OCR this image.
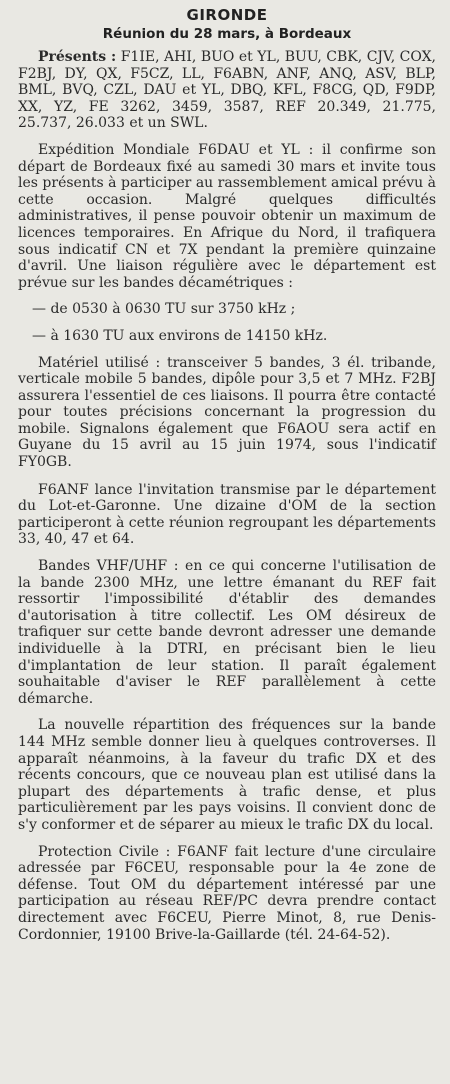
GIRONDE
Réunion du 28 mars, à Bordeaux

Présents : F1IE, AHI, BUO et YL, BUU, CBK, CJV, COX, F2BJ, DY, QX, F5CZ, LL, F6ABN, ANF, ANQ, ASV, BLP, BML, BVQ, CZL, DAU et YL, DBQ, KFL, F8CG, QD, F9DP, XX, YZ, FE 3262, 3459, 3587, REF 20.349, 21.775, 25.737, 26.033 et un SWL.

Expédition Mondiale F6DAU et YL : il confirme son départ de Bordeaux fixé au samedi 30 mars et invite tous les présents à participer au rassemblement amical prévu à cette occasion. Malgré quelques difficultés administratives, il pense pouvoir obtenir un maximum de licences temporaires. En Afrique du Nord, il trafiquera sous indicatif CN et 7X pendant la première quinzaine d'avril. Une liaison régulière avec le département est prévue sur les bandes décamétriques :

— de 0530 à 0630 TU sur 3750 kHz ;
— à 1630 TU aux environs de 14150 kHz.

Matériel utilisé : transceiver 5 bandes, 3 él. tribande, verticale mobile 5 bandes, dipôle pour 3,5 et 7 MHz. F2BJ assurera l'essentiel de ces liaisons. Il pourra être contacté pour toutes précisions concernant la progression du mobile. Signalons également que F6AOU sera actif en Guyane du 15 avril au 15 juin 1974, sous l'indicatif FY0GB.

F6ANF lance l'invitation transmise par le département du Lot-et-Garonne. Une dizaine d'OM de la section participeront à cette réunion regroupant les départements 33, 40, 47 et 64.

Bandes VHF/UHF : en ce qui concerne l'utilisation de la bande 2300 MHz, une lettre émanant du REF fait ressortir l'impossibilité d'établir des demandes d'autorisation à titre collectif. Les OM désireux de trafiquer sur cette bande devront adresser une demande individuelle à la DTRI, en précisant bien le lieu d'implantation de leur station. Il paraît également souhaitable d'aviser le REF parallèlement à cette démarche.

La nouvelle répartition des fréquences sur la bande 144 MHz semble donner lieu à quelques controverses. Il apparaît néanmoins, à la faveur du trafic DX et des récents concours, que ce nouveau plan est utilisé dans la plupart des départements à trafic dense, et plus particulièrement par les pays voisins. Il convient donc de s'y conformer et de séparer au mieux le trafic DX du local.

Protection Civile : F6ANF fait lecture d'une circulaire adressée par F6CEU, responsable pour la 4e zone de défense. Tout OM du département intéressé par une participation au réseau REF/PC devra prendre contact directement avec F6CEU, Pierre Minot, 8, rue Denis-Cordonnier, 19100 Brive-la-Gaillarde (tél. 24-64-52).
